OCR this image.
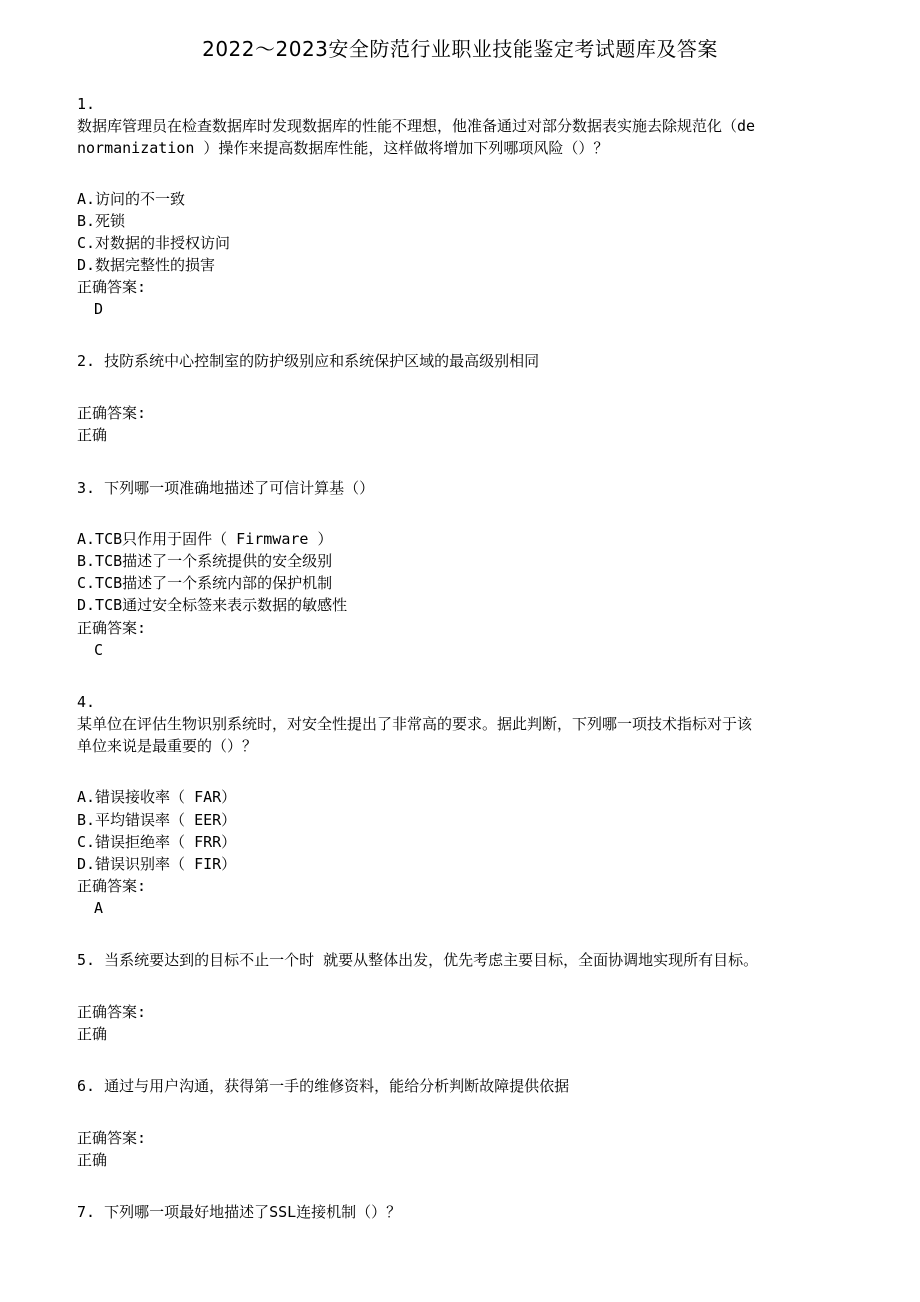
2022～2023安全防范行业职业技能鉴定考试题库及答案
1.
数据库管理员在检查数据库时发现数据库的性能不理想，他准备通过对部分数据表实施去除规范化（de
normanization ）操作来提高数据库性能，这样做将增加下列哪项风险（）？
A.访问的不一致
B.死锁
C.对数据的非授权访问
D.数据完整性的损害
正确答案:
D
2. 技防系统中心控制室的防护级别应和系统保护区域的最高级别相同
正确答案:
正确
3. 下列哪一项准确地描述了可信计算基（）
A.TCB只作用于固件（ Firmware ）
B.TCB描述了一个系统提供的安全级别
C.TCB描述了一个系统内部的保护机制
D.TCB通过安全标签来表示数据的敏感性
正确答案:
C
4.
某单位在评估生物识别系统时，对安全性提出了非常高的要求。据此判断，下列哪一项技术指标对于该
单位来说是最重要的（）？
A.错误接收率（ FAR）
B.平均错误率（ EER）
C.错误拒绝率（ FRR）
D.错误识别率（ FIR）
正确答案:
A
5. 当系统要达到的目标不止一个时 就要从整体出发，优先考虑主要目标，全面协调地实现所有目标。
正确答案:
正确
6. 通过与用户沟通，获得第一手的维修资料，能给分析判断故障提供依据
正确答案:
正确
7. 下列哪一项最好地描述了SSL连接机制（）？
